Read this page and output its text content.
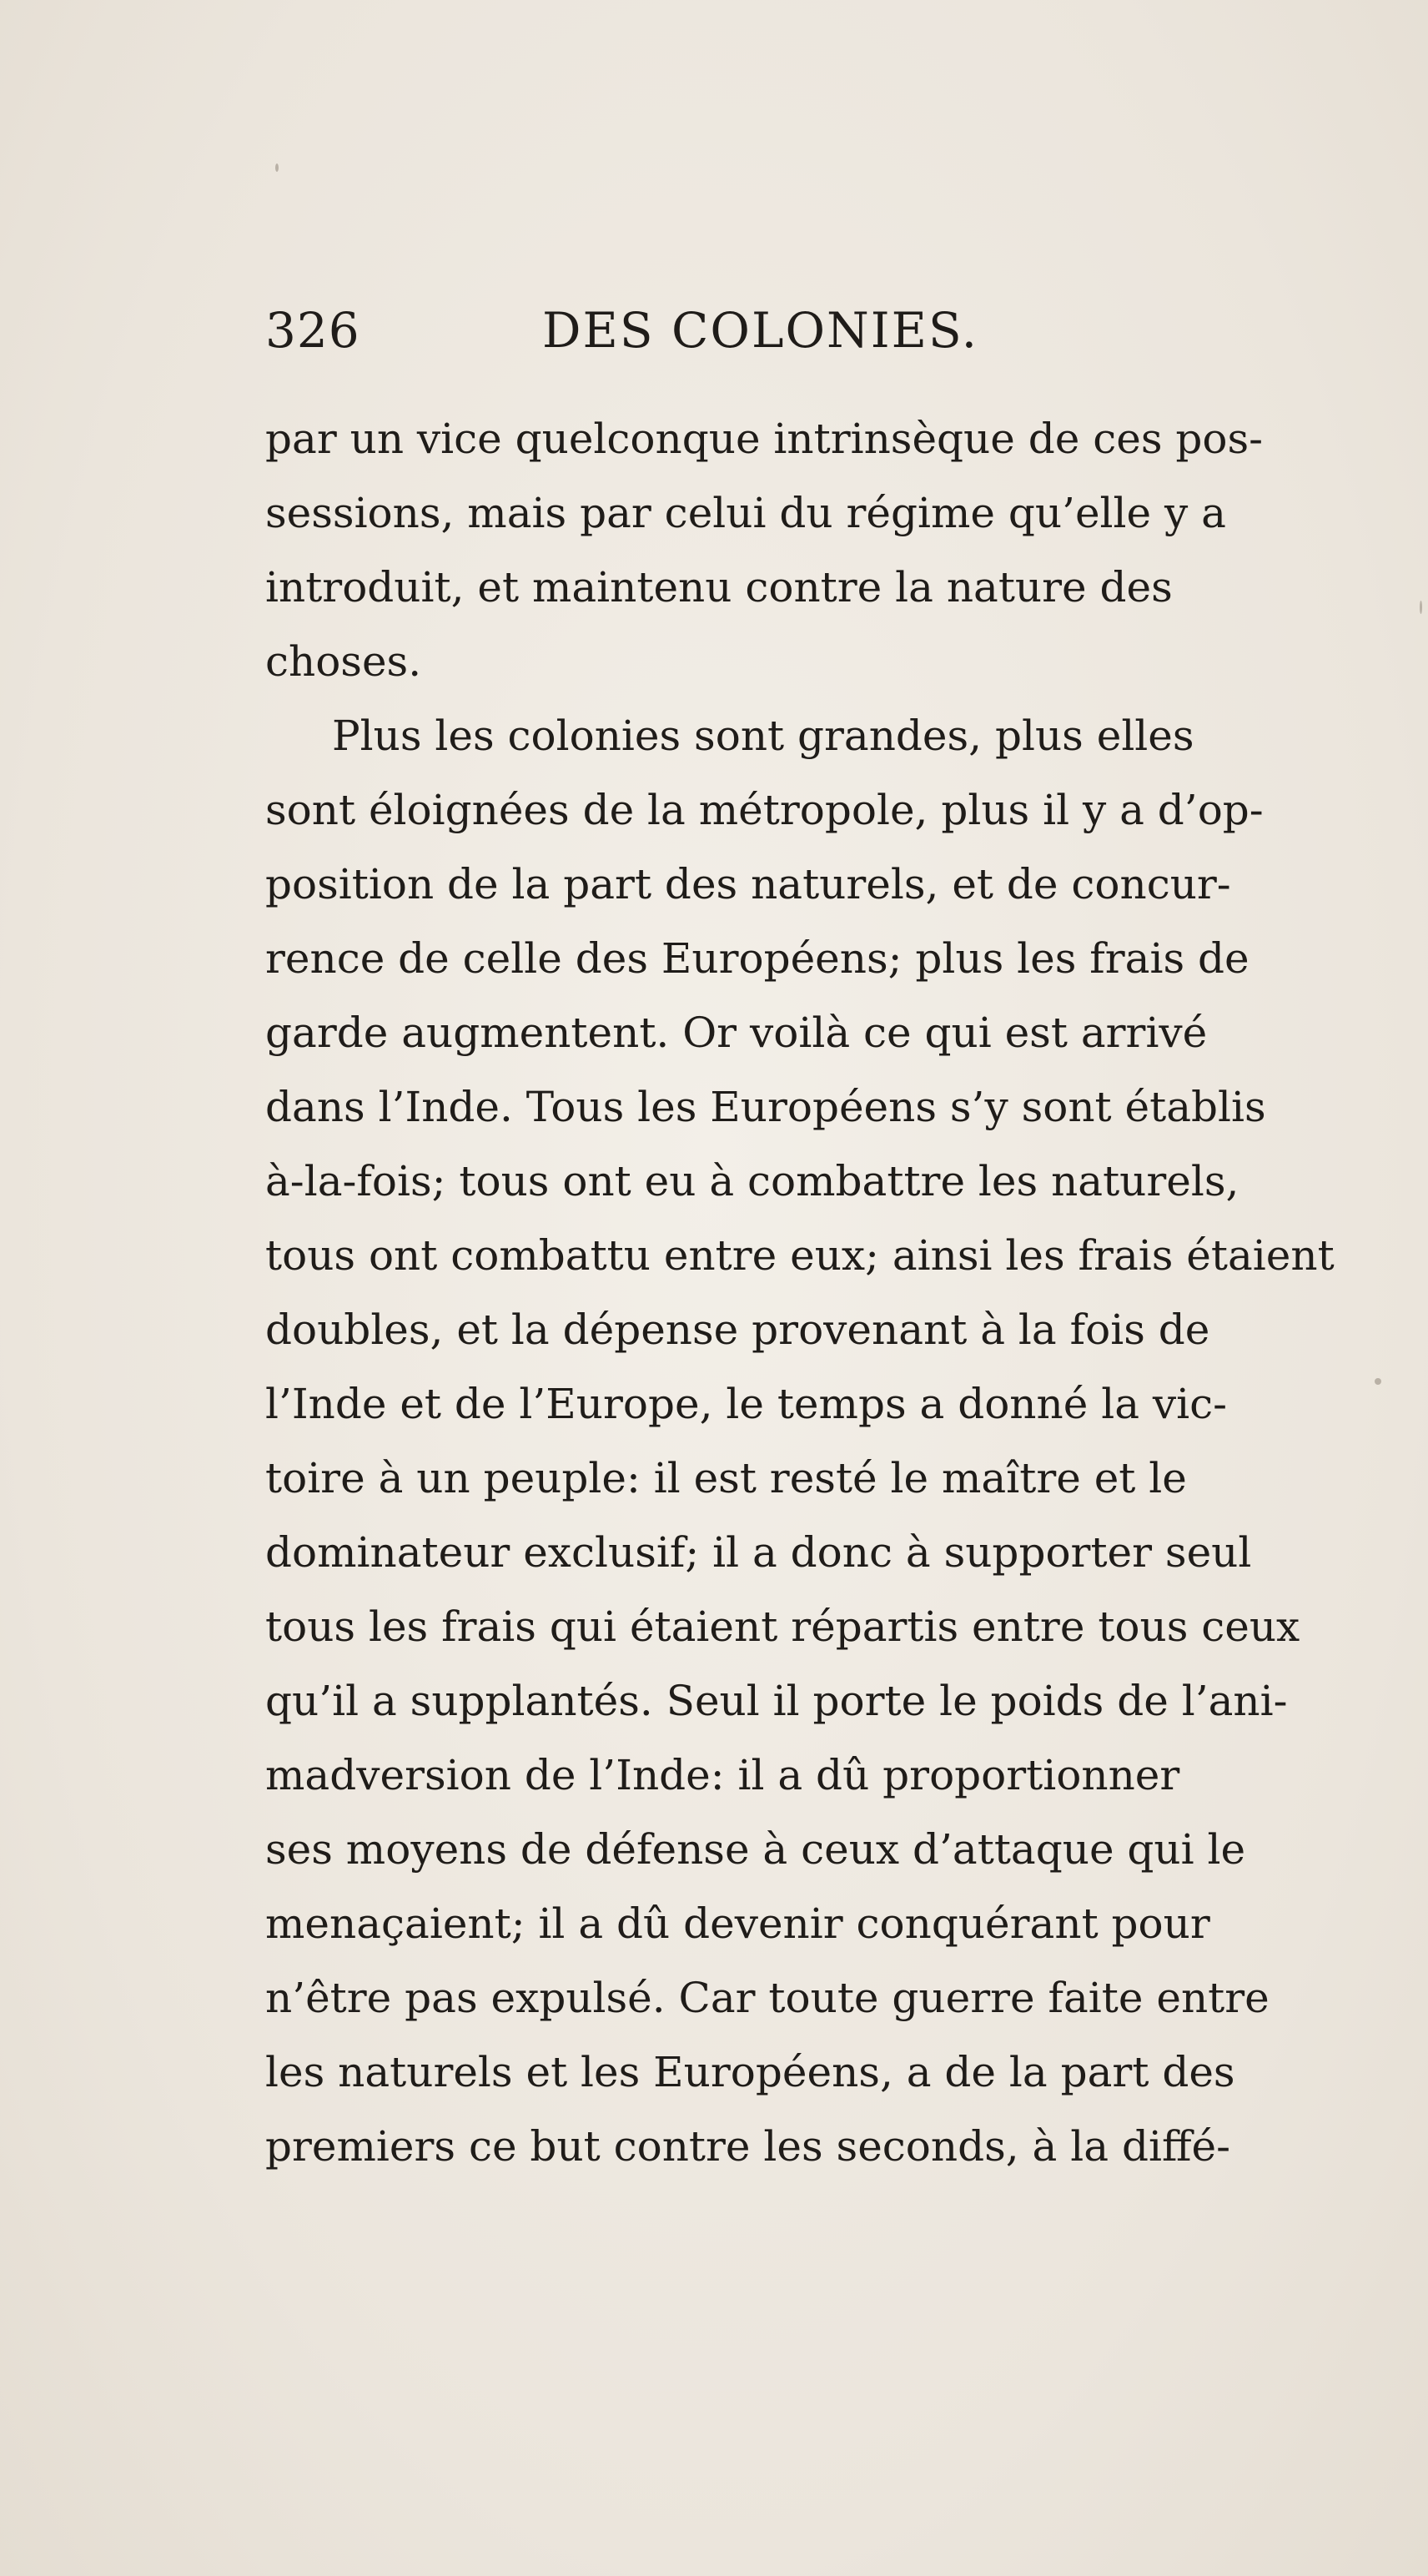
326	DES COLONIES.
par un vice quelconque intrinsèque de ces pos-
sessions, mais par celui du régime qu’elle y a
introduit, et maintenu contre la nature des
choses.
Plus les colonies sont grandes, plus elles
sont éloignées de la métropole, plus il y a d’op-
position de la part des naturels, et de concur-
rence de celle des Européens; plus les frais de
garde augmentent. Or voilà ce qui est arrivé
dans l’Inde. Tous les Européens s’y sont établis
à-la-fois; tous ont eu à combattre les naturels,
tous ont combattu entre eux; ainsi les frais étaient
doubles, et la dépense provenant à la fois de
l’Inde et de l’Europe, le temps a donné la vic-
toire à un peuple: il est resté le maître et le
dominateur exclusif; il a donc à supporter seul
tous les frais qui étaient répartis entre tous ceux
qu’il a supplantés. Seul il porte le poids de l’ani-
madversion de l’Inde: il a dû proportionner
ses moyens de défense à ceux d’attaque qui le
menaçaient; il a dû devenir conquérant pour
n’être pas expulsé. Car toute guerre faite entre
les naturels et les Européens, a de la part des
premiers ce but contre les seconds, à la diffé-
